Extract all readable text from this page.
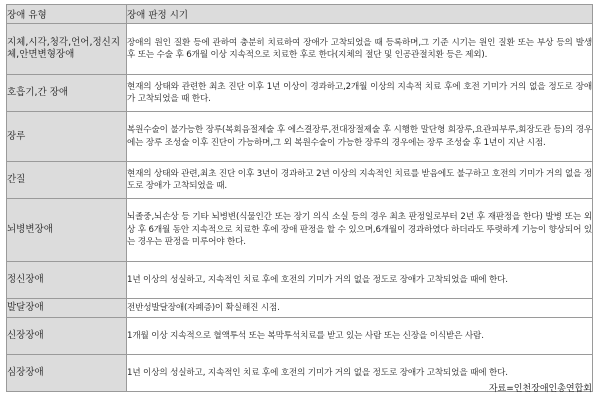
장애 유형	장애 판정 시기
지체,시각,청각,언어,정신지체,안면변형장애	장애의 원인 질환 등에 관하여 충분히 치료하여 장애가 고착되었을 때 등록하며,그 기준 시기는 원인 질환 또는 부상 등의 발생 후 또는 수술 후 6개월 이상 지속적으로 치료한 후로 한다(지체의 절단 및 인공관절치환 등은 제외).
호흡기,간 장애	현재의 상태와 관련한 최초 진단 이후 1년 이상이 경과하고,2개월 이상의 지속적 치료 후에 호전 기미가 거의 없을 정도로 장애가 고착되었을 때 한다.
장루	복원수술이 불가능한 장루(복회음절제술 후 에스결장루,전대장절제술 후 시행한 말단형 회장루,요관피부루,회장도관 등)의 경우에는 장루 조성술 이후 진단이 가능하며,그 외 복원수술이 가능한 장루의 경우에는 장루 조성술 후 1년이 지난 시점.
간질	현재의 상태와 관련,최초 진단 이후 3년이 경과하고 2년 이상의 지속적인 치료를 받음에도 불구하고 호전의 기미가 거의 없을 정도로 장애가 고착되었을 때.
뇌병변장애	뇌졸중,뇌손상 등 기타 뇌병변(식물인간 또는 장기 의식 소실 등의 경우 최초 판정일로부터 2년 후 재판정을 한다) 발병 또는 외상 후 6개월 동안 지속적으로 치료한 후에 장애 판정을 할 수 있으며,6개월이 경과하였다 하더라도 뚜렷하게 기능이 향상되어 있는 경우는 판정을 미루어야 한다.
정신장애	1년 이상의 성실하고, 지속적인 치료 후에 호전의 기미가 거의 없을 정도로 장애가 고착되었을 때에 한다.
발달장애	전반성발달장애(자폐증)이 확실해진 시점.
신장장애	1개월 이상 지속적으로 혈액투석 또는 복막투석치료를 받고 있는 사람 또는 신장을 이식받은 사람.
심장장애	1년 이상의 성실하고, 지속적인 치료 후에 호전의 기미가 거의 없을 정도로 장애가 고착되었을 때에 한다.
자료=인천장애인총연합회
